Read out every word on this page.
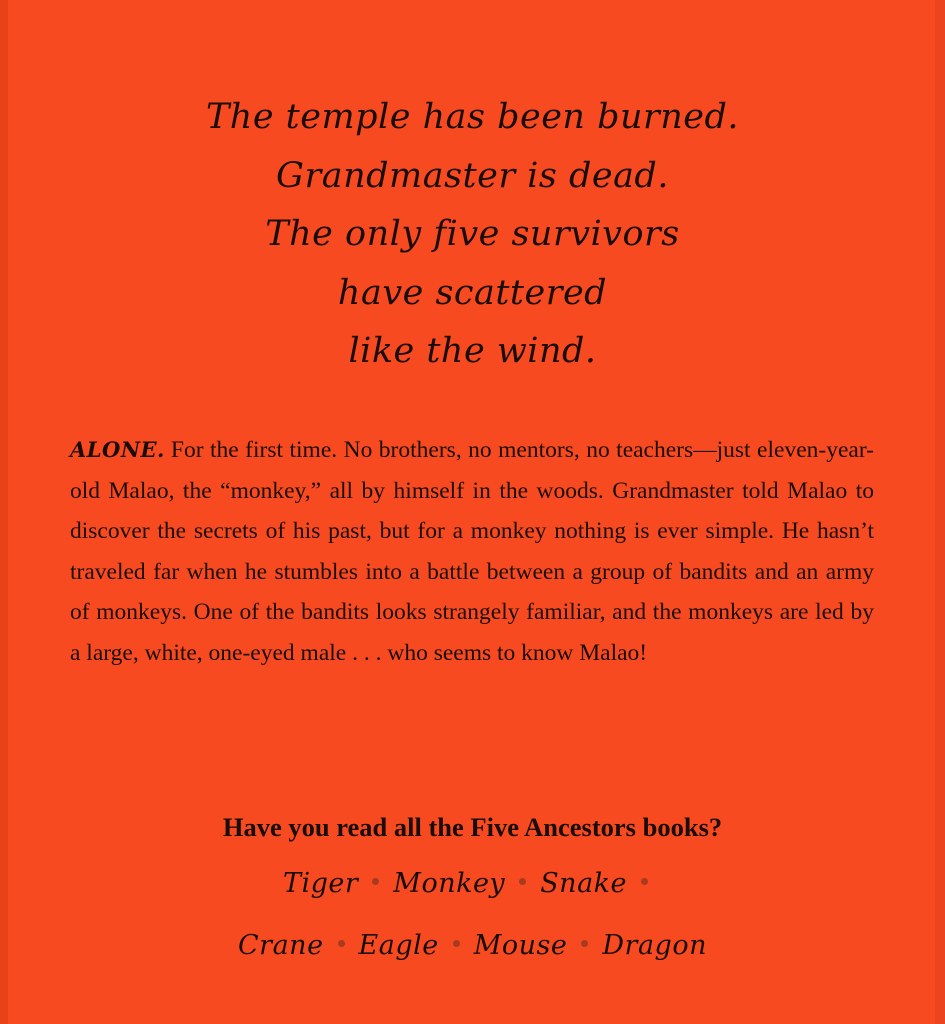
The temple has been burned.
Grandmaster is dead.
The only five survivors
have scattered
like the wind.
ALONE. For the first time. No brothers, no mentors, no teachers—just eleven-year-old Malao, the “monkey,” all by himself in the woods. Grandmaster told Malao to discover the secrets of his past, but for a monkey nothing is ever simple. He hasn’t traveled far when he stumbles into a battle between a group of bandits and an army of monkeys. One of the bandits looks strangely familiar, and the monkeys are led by a large, white, one-eyed male . . . who seems to know Malao!
Have you read all the Five Ancestors books?
Tiger Monkey Snake
Crane Eagle Mouse Dragon
